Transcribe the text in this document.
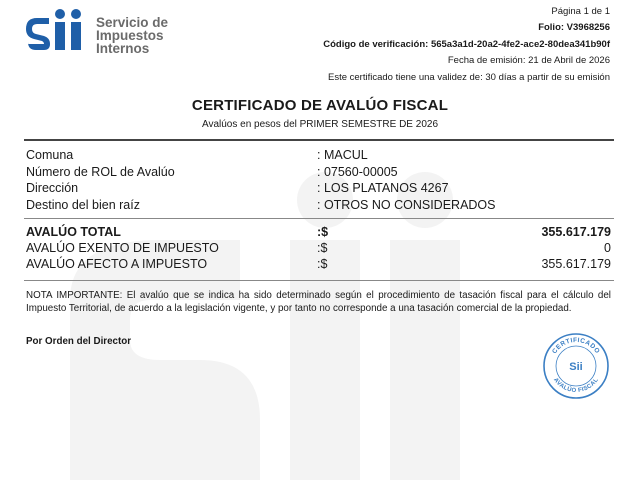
Servicio de
Impuestos
Internos
Página 1 de 1
Folio: V3968256
Código de verificación: 565a3a1d-20a2-4fe2-ace2-80dea341b90f
Fecha de emisión: 21 de Abril de 2026
Este certificado tiene una validez de: 30 días a partir de su emisión
CERTIFICADO DE AVALÚO FISCAL
Avalúos en pesos del PRIMER SEMESTRE DE 2026
Comuna	: MACUL
Número de ROL de Avalúo	: 07560-00005
Dirección	: LOS PLATANOS 4267
Destino del bien raíz	: OTROS NO CONSIDERADOS
AVALÚO TOTAL	:$	355.617.179
AVALÚO EXENTO DE IMPUESTO	:$	0
AVALÚO AFECTO A IMPUESTO	:$	355.617.179
NOTA IMPORTANTE: El avalúo que se indica ha sido determinado según el procedimiento de tasación fiscal para el cálculo del Impuesto Territorial, de acuerdo a la legislación vigente, y por tanto no corresponde a una tasación comercial de la propiedad.
Por Orden del Director
CERTIFICADO
AVALÚO FISCAL
Sii
